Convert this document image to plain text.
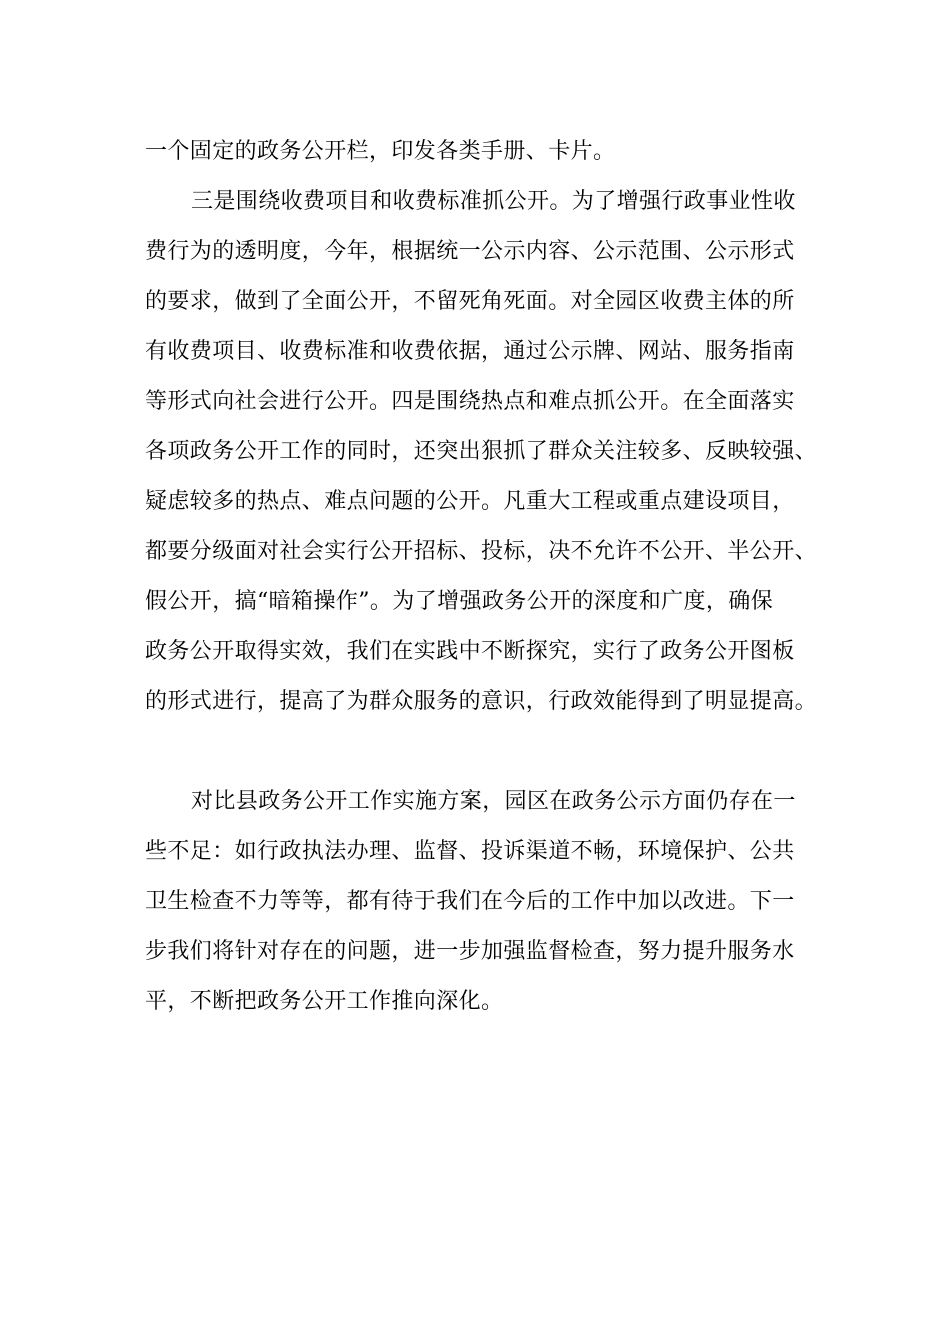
一个固定的政务公开栏，印发各类手册、卡片。
三是围绕收费项目和收费标准抓公开。为了增强行政事业性收
费行为的透明度，今年，根据统一公示内容、公示范围、公示形式
的要求，做到了全面公开，不留死角死面。对全园区收费主体的所
有收费项目、收费标准和收费依据，通过公示牌、网站、服务指南
等形式向社会进行公开。四是围绕热点和难点抓公开。在全面落实
各项政务公开工作的同时，还突出狠抓了群众关注较多、反映较强、
疑虑较多的热点、难点问题的公开。凡重大工程或重点建设项目，
都要分级面对社会实行公开招标、投标，决不允许不公开、半公开、
假公开，搞“暗箱操作”。为了增强政务公开的深度和广度，确保
政务公开取得实效，我们在实践中不断探究，实行了政务公开图板
的形式进行，提高了为群众服务的意识，行政效能得到了明显提高。
对比县政务公开工作实施方案，园区在政务公示方面仍存在一
些不足：如行政执法办理、监督、投诉渠道不畅，环境保护、公共
卫生检查不力等等，都有待于我们在今后的工作中加以改进。下一
步我们将针对存在的问题，进一步加强监督检查，努力提升服务水
平，不断把政务公开工作推向深化。
